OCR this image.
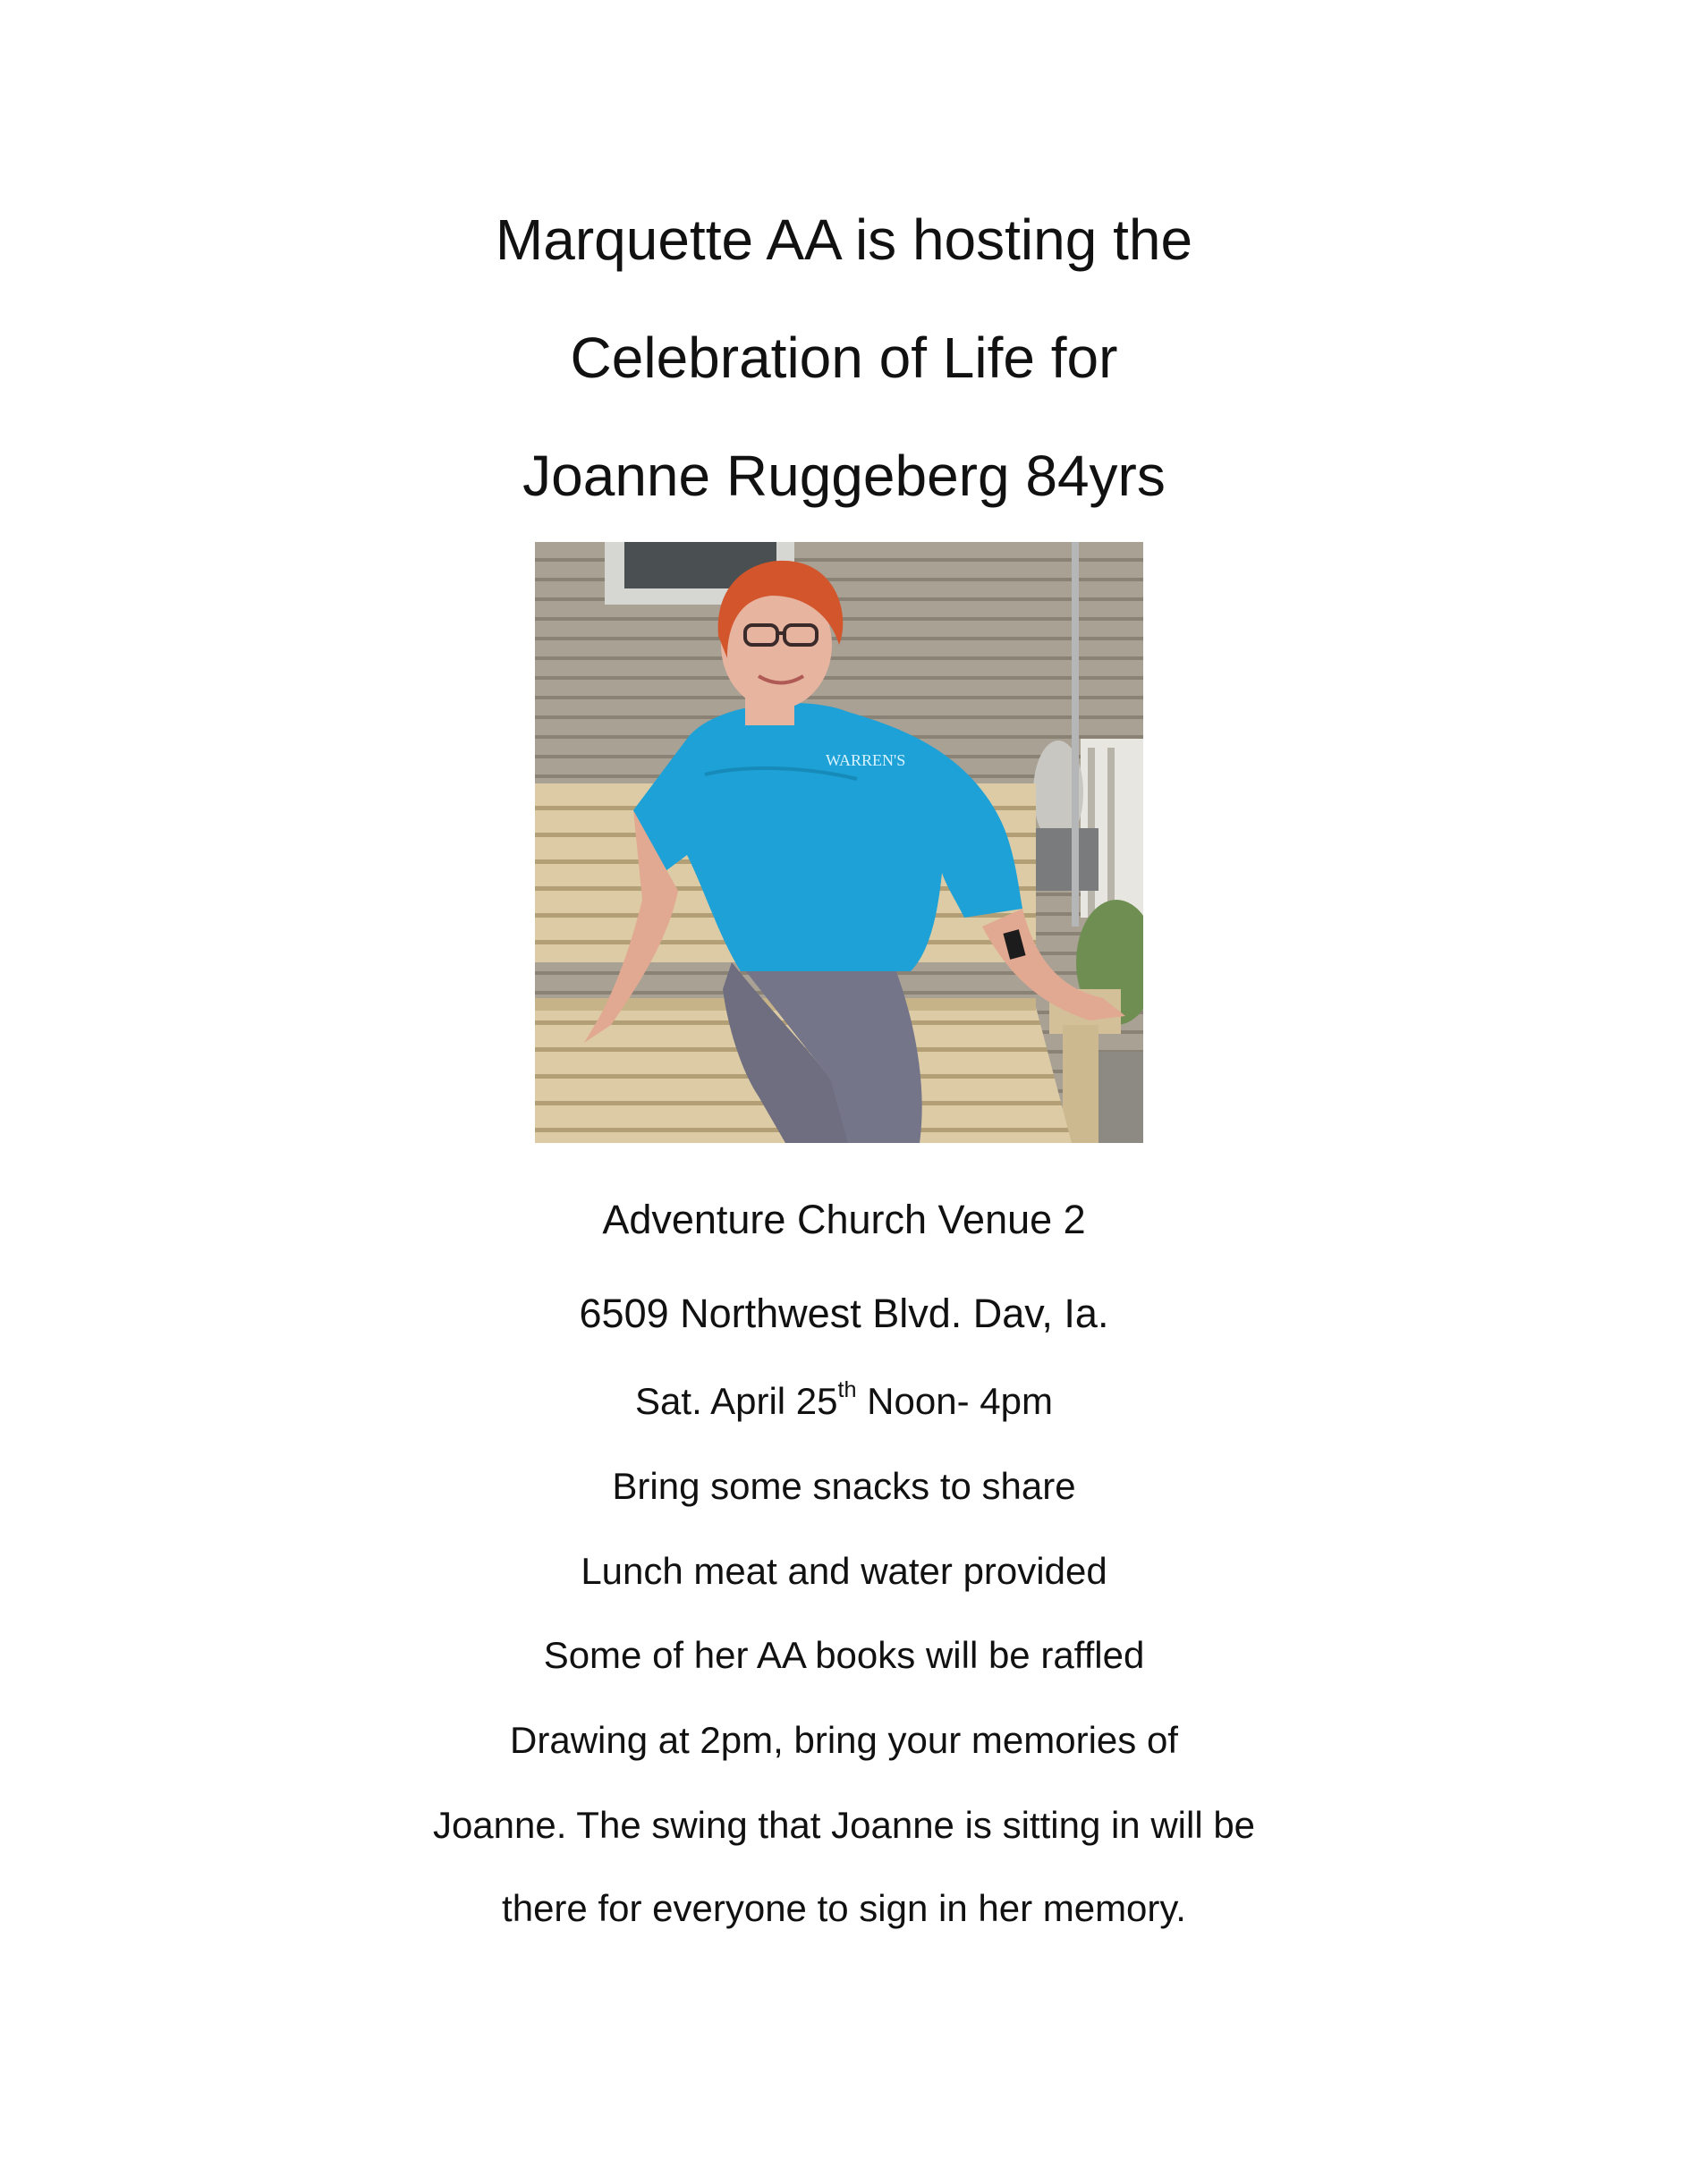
Marquette AA is hosting the
Celebration of Life for
Joanne Ruggeberg 84yrs
WARREN'S
Adventure Church Venue 2
6509 Northwest Blvd. Dav, Ia.
Sat. April 25th Noon- 4pm
Bring some snacks to share
Lunch meat and water provided
Some of her AA books will be raffled
Drawing at 2pm, bring your memories of
Joanne. The swing that Joanne is sitting in will be
there for everyone to sign in her memory.
